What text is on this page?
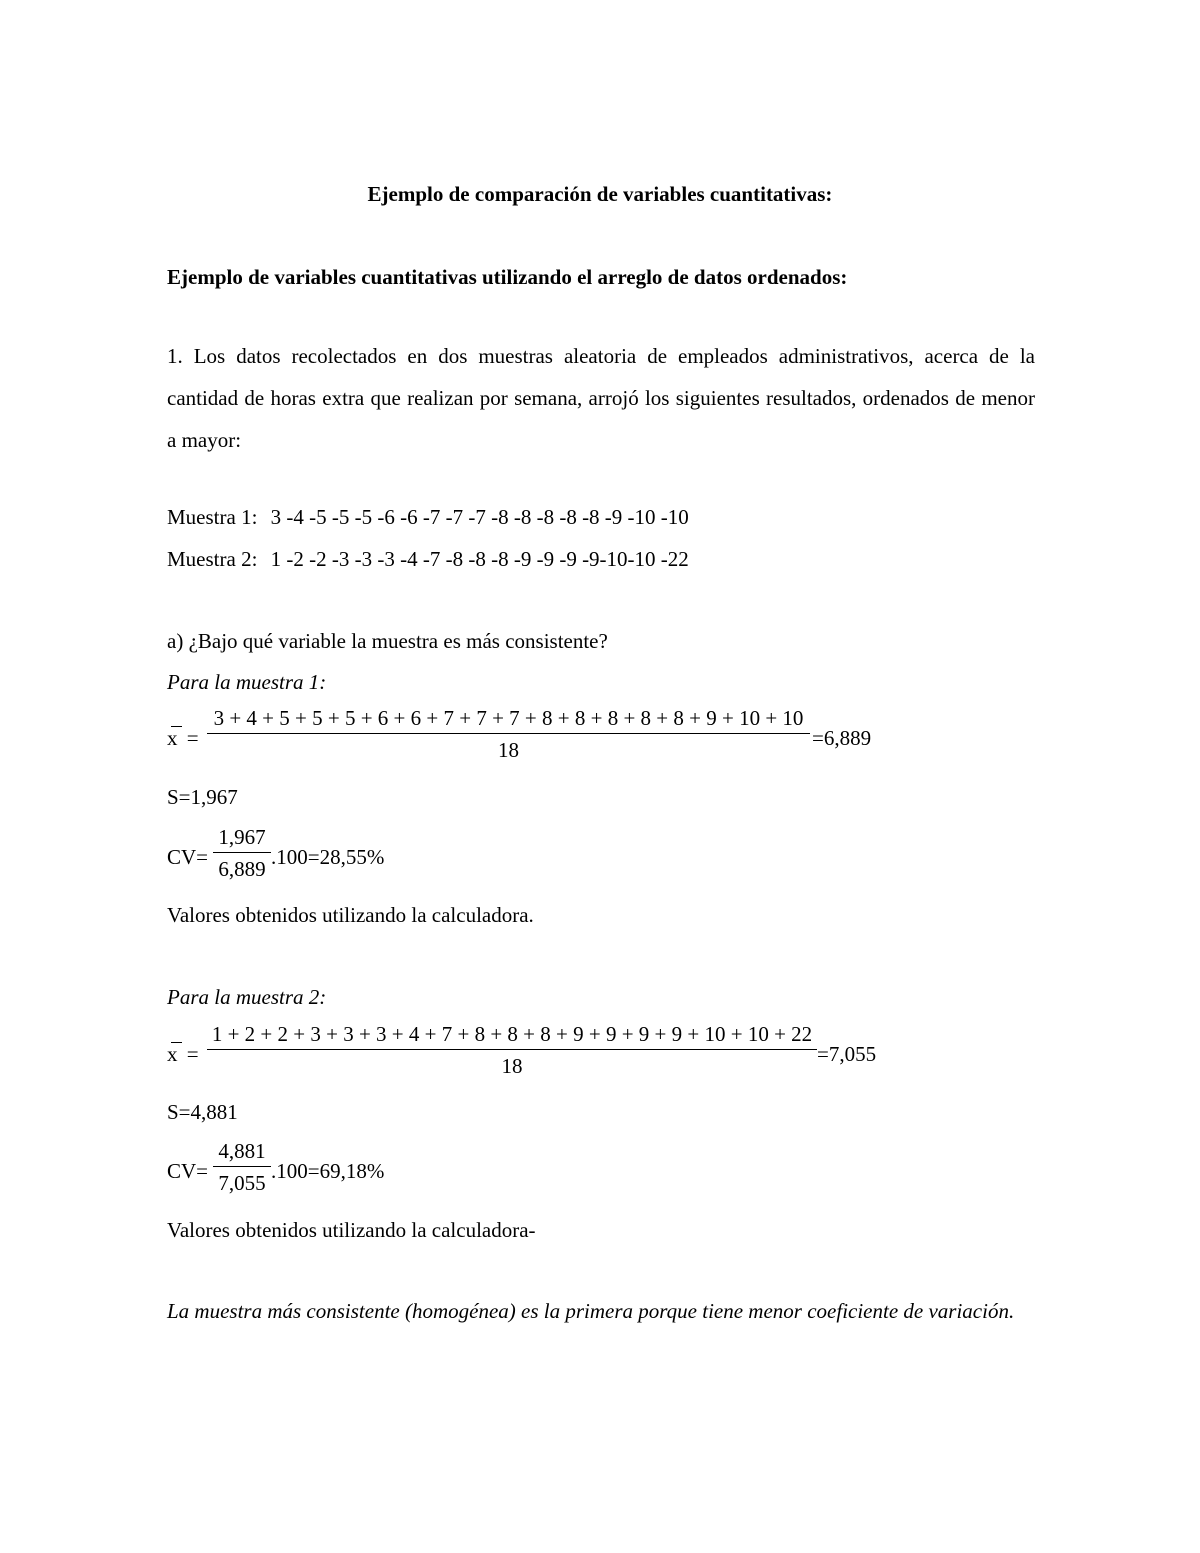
Ejemplo de comparación de variables cuantitativas:
Ejemplo de variables cuantitativas utilizando el arreglo de datos ordenados:
1. Los datos recolectados en dos muestras aleatoria de empleados administrativos, acerca de la cantidad de horas extra que realizan por semana, arrojó los siguientes resultados, ordenados de menor a mayor:
Muestra 1: 3 -4 -5 -5 -5 -6 -6 -7 -7 -7 -8 -8 -8 -8 -8 -9 -10 -10
Muestra 2: 1 -2 -2 -3 -3 -3 -4 -7 -8 -8 -8 -9 -9 -9 -9-10-10 -22
a) ¿Bajo qué variable la muestra es más consistente?
Para la muestra 1:
x =
3 + 4 + 5 + 5 + 5 + 6 + 6 + 7 + 7 + 7 + 8 + 8 + 8 + 8 + 8 + 9 + 10 + 10
18	=6,889
S=1,967
CV=
1,967
6,889 .100=28,55%
Valores obtenidos utilizando la calculadora.
Para la muestra 2:
x =
1 + 2 + 2 + 3 + 3 + 3 + 4 + 7 + 8 + 8 + 8 + 9 + 9 + 9 + 9 + 10 + 10 + 22
18	=7,055
S=4,881
CV=
4,881
7,055 .100=69,18%
Valores obtenidos utilizando la calculadora-
La muestra más consistente (homogénea) es la primera porque tiene menor coeficiente de variación.
